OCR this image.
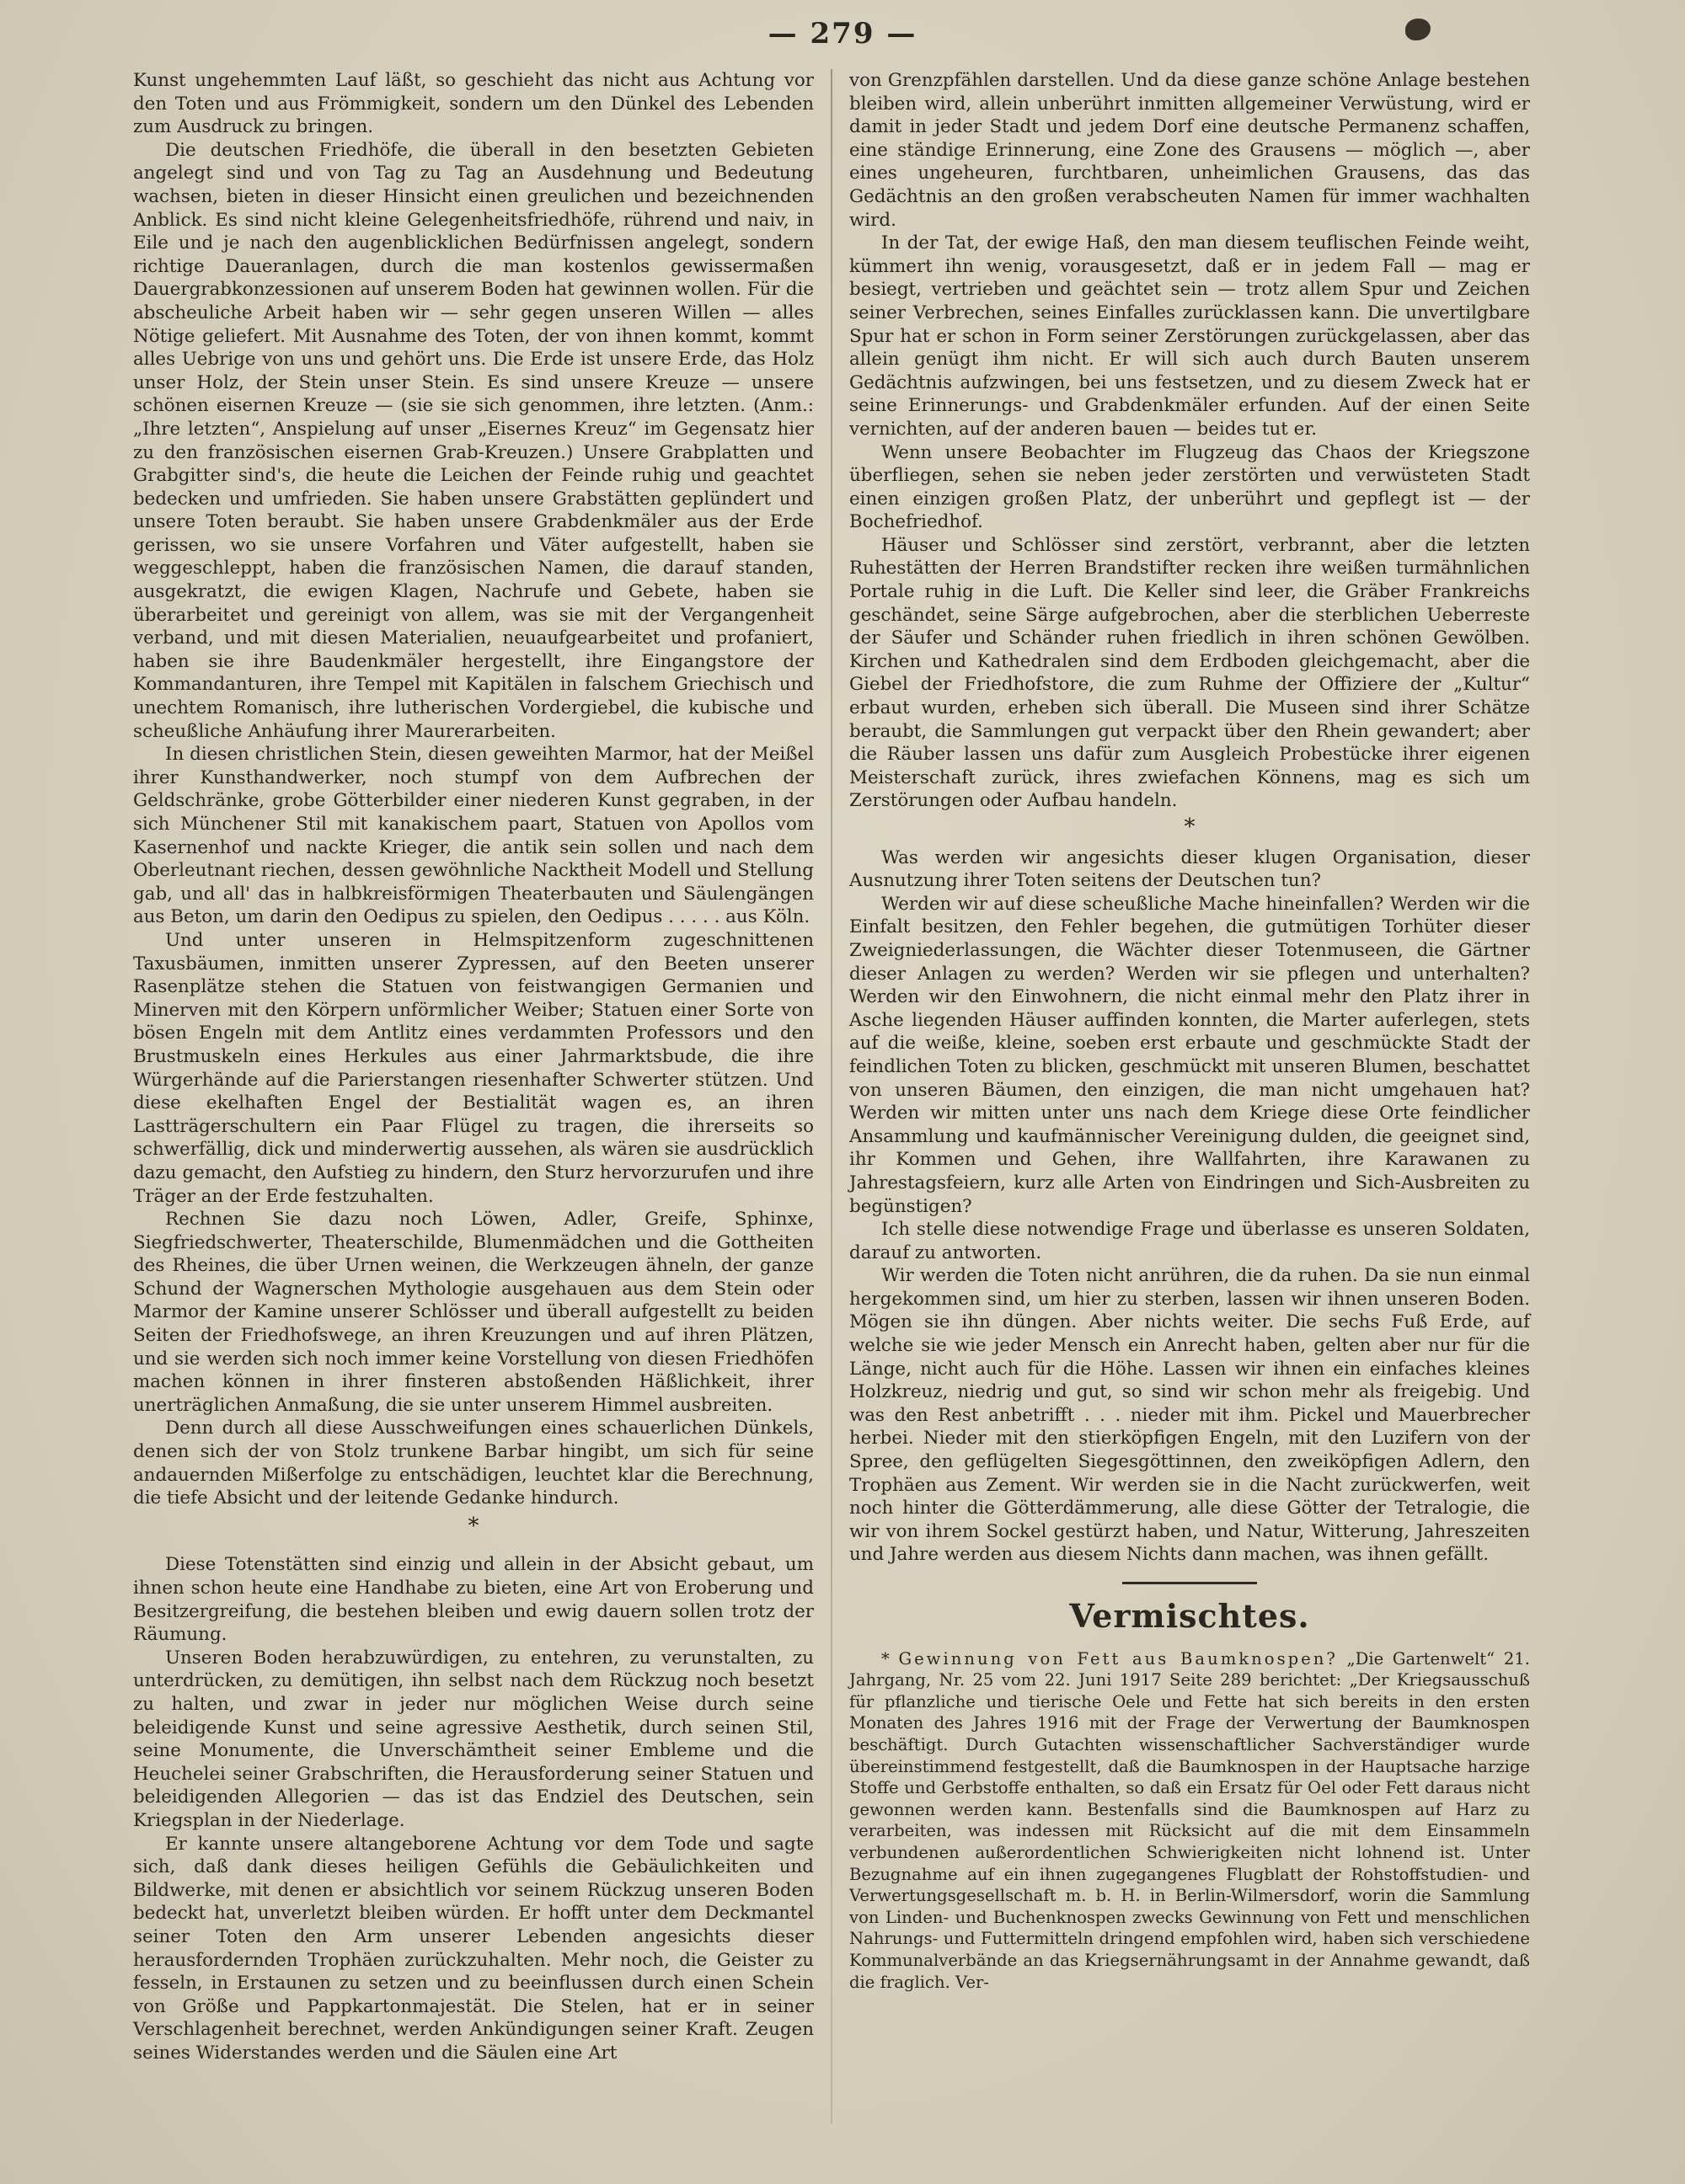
— 279 —

Kunst ungehemmten Lauf läßt, so geschieht das nicht aus Achtung vor den Toten und aus Frömmigkeit, sondern um den Dünkel des Lebenden zum Ausdruck zu bringen.

Die deutschen Friedhöfe, die überall in den besetzten Gebieten angelegt sind und von Tag zu Tag an Ausdehnung und Bedeutung wachsen, bieten in dieser Hinsicht einen greulichen und bezeichnenden Anblick. Es sind nicht kleine Gelegenheitsfriedhöfe, rührend und naiv, in Eile und je nach den augenblicklichen Bedürfnissen angelegt, sondern richtige Daueranlagen, durch die man kostenlos gewissermaßen Dauergrabkonzessionen auf unserem Boden hat gewinnen wollen. Für die abscheuliche Arbeit haben wir — sehr gegen unseren Willen — alles Nötige geliefert. Mit Ausnahme des Toten, der von ihnen kommt, kommt alles Uebrige von uns und gehört uns. Die Erde ist unsere Erde, das Holz unser Holz, der Stein unser Stein. Es sind unsere Kreuze — unsere schönen eisernen Kreuze — (sie sie sich genommen, ihre letzten. (Anm.: „Ihre letzten“, Anspielung auf unser „Eisernes Kreuz“ im Gegensatz hier zu den französischen eisernen Grab-Kreuzen.) Unsere Grabplatten und Grabgitter sind's, die heute die Leichen der Feinde ruhig und geachtet bedecken und umfrieden. Sie haben unsere Grabstätten geplündert und unsere Toten beraubt. Sie haben unsere Grabdenkmäler aus der Erde gerissen, wo sie unsere Vorfahren und Väter aufgestellt, haben sie weggeschleppt, haben die französischen Namen, die darauf standen, ausgekratzt, die ewigen Klagen, Nachrufe und Gebete, haben sie überarbeitet und gereinigt von allem, was sie mit der Vergangenheit verband, und mit diesen Materialien, neuaufgearbeitet und profaniert, haben sie ihre Baudenkmäler hergestellt, ihre Eingangstore der Kommandanturen, ihre Tempel mit Kapitälen in falschem Griechisch und unechtem Romanisch, ihre lutherischen Vordergiebel, die kubische und scheußliche Anhäufung ihrer Maurerarbeiten.

In diesen christlichen Stein, diesen geweihten Marmor, hat der Meißel ihrer Kunsthandwerker, noch stumpf von dem Aufbrechen der Geldschränke, grobe Götterbilder einer niederen Kunst gegraben, in der sich Münchener Stil mit kanakischem paart, Statuen von Apollos vom Kasernenhof und nackte Krieger, die antik sein sollen und nach dem Oberleutnant riechen, dessen gewöhnliche Nacktheit Modell und Stellung gab, und all' das in halbkreisförmigen Theaterbauten und Säulengängen aus Beton, um darin den Oedipus zu spielen, den Oedipus . . . . . aus Köln.

Und unter unseren in Helmspitzenform zugeschnittenen Taxusbäumen, inmitten unserer Zypressen, auf den Beeten unserer Rasenplätze stehen die Statuen von feistwangigen Germanien und Minerven mit den Körpern unförmlicher Weiber; Statuen einer Sorte von bösen Engeln mit dem Antlitz eines verdammten Professors und den Brustmuskeln eines Herkules aus einer Jahrmarktsbude, die ihre Würgerhände auf die Parierstangen riesenhafter Schwerter stützen. Und diese ekelhaften Engel der Bestialität wagen es, an ihren Lastträgerschultern ein Paar Flügel zu tragen, die ihrerseits so schwerfällig, dick und minderwertig aussehen, als wären sie ausdrücklich dazu gemacht, den Aufstieg zu hindern, den Sturz hervorzurufen und ihre Träger an der Erde festzuhalten.

Rechnen Sie dazu noch Löwen, Adler, Greife, Sphinxe, Siegfriedschwerter, Theaterschilde, Blumenmädchen und die Gottheiten des Rheines, die über Urnen weinen, die Werkzeugen ähneln, der ganze Schund der Wagnerschen Mythologie ausgehauen aus dem Stein oder Marmor der Kamine unserer Schlösser und überall aufgestellt zu beiden Seiten der Friedhofswege, an ihren Kreuzungen und auf ihren Plätzen, und sie werden sich noch immer keine Vorstellung von diesen Friedhöfen machen können in ihrer finsteren abstoßenden Häßlichkeit, ihrer unerträglichen Anmaßung, die sie unter unserem Himmel ausbreiten.

Denn durch all diese Ausschweifungen eines schauerlichen Dünkels, denen sich der von Stolz trunkene Barbar hingibt, um sich für seine andauernden Mißerfolge zu entschädigen, leuchtet klar die Berechnung, die tiefe Absicht und der leitende Gedanke hindurch.

*

Diese Totenstätten sind einzig und allein in der Absicht gebaut, um ihnen schon heute eine Handhabe zu bieten, eine Art von Eroberung und Besitzergreifung, die bestehen bleiben und ewig dauern sollen trotz der Räumung.

Unseren Boden herabzuwürdigen, zu entehren, zu verunstalten, zu unterdrücken, zu demütigen, ihn selbst nach dem Rückzug noch besetzt zu halten, und zwar in jeder nur möglichen Weise durch seine beleidigende Kunst und seine agressive Aesthetik, durch seinen Stil, seine Monumente, die Unverschämtheit seiner Embleme und die Heuchelei seiner Grabschriften, die Herausforderung seiner Statuen und beleidigenden Allegorien — das ist das Endziel des Deutschen, sein Kriegsplan in der Niederlage.

Er kannte unsere altangeborene Achtung vor dem Tode und sagte sich, daß dank dieses heiligen Gefühls die Gebäulichkeiten und Bildwerke, mit denen er absichtlich vor seinem Rückzug unseren Boden bedeckt hat, unverletzt bleiben würden. Er hofft unter dem Deckmantel seiner Toten den Arm unserer Lebenden angesichts dieser herausfordernden Trophäen zurückzuhalten. Mehr noch, die Geister zu fesseln, in Erstaunen zu setzen und zu beeinflussen durch einen Schein von Größe und Pappkartonmajestät. Die Stelen, hat er in seiner Verschlagenheit berechnet, werden Ankündigungen seiner Kraft. Zeugen seines Widerstandes werden und die Säulen eine Art

von Grenzpfählen darstellen. Und da diese ganze schöne Anlage bestehen bleiben wird, allein unberührt inmitten allgemeiner Verwüstung, wird er damit in jeder Stadt und jedem Dorf eine deutsche Permanenz schaffen, eine ständige Erinnerung, eine Zone des Grausens — möglich —, aber eines ungeheuren, furchtbaren, unheimlichen Grausens, das das Gedächtnis an den großen verabscheuten Namen für immer wachhalten wird.

In der Tat, der ewige Haß, den man diesem teuflischen Feinde weiht, kümmert ihn wenig, vorausgesetzt, daß er in jedem Fall — mag er besiegt, vertrieben und geächtet sein — trotz allem Spur und Zeichen seiner Verbrechen, seines Einfalles zurücklassen kann. Die unvertilgbare Spur hat er schon in Form seiner Zerstörungen zurückgelassen, aber das allein genügt ihm nicht. Er will sich auch durch Bauten unserem Gedächtnis aufzwingen, bei uns festsetzen, und zu diesem Zweck hat er seine Erinnerungs- und Grabdenkmäler erfunden. Auf der einen Seite vernichten, auf der anderen bauen — beides tut er.

Wenn unsere Beobachter im Flugzeug das Chaos der Kriegszone überfliegen, sehen sie neben jeder zerstörten und verwüsteten Stadt einen einzigen großen Platz, der unberührt und gepflegt ist — der Bochefriedhof.

Häuser und Schlösser sind zerstört, verbrannt, aber die letzten Ruhestätten der Herren Brandstifter recken ihre weißen turmähnlichen Portale ruhig in die Luft. Die Keller sind leer, die Gräber Frankreichs geschändet, seine Särge aufgebrochen, aber die sterblichen Ueberreste der Säufer und Schänder ruhen friedlich in ihren schönen Gewölben. Kirchen und Kathedralen sind dem Erdboden gleichgemacht, aber die Giebel der Friedhofstore, die zum Ruhme der Offiziere der „Kultur“ erbaut wurden, erheben sich überall. Die Museen sind ihrer Schätze beraubt, die Sammlungen gut verpackt über den Rhein gewandert; aber die Räuber lassen uns dafür zum Ausgleich Probestücke ihrer eigenen Meisterschaft zurück, ihres zwiefachen Könnens, mag es sich um Zerstörungen oder Aufbau handeln.

*

Was werden wir angesichts dieser klugen Organisation, dieser Ausnutzung ihrer Toten seitens der Deutschen tun?

Werden wir auf diese scheußliche Mache hineinfallen? Werden wir die Einfalt besitzen, den Fehler begehen, die gutmütigen Torhüter dieser Zweigniederlassungen, die Wächter dieser Totenmuseen, die Gärtner dieser Anlagen zu werden? Werden wir sie pflegen und unterhalten? Werden wir den Einwohnern, die nicht einmal mehr den Platz ihrer in Asche liegenden Häuser auffinden konnten, die Marter auferlegen, stets auf die weiße, kleine, soeben erst erbaute und geschmückte Stadt der feindlichen Toten zu blicken, geschmückt mit unseren Blumen, beschattet von unseren Bäumen, den einzigen, die man nicht umgehauen hat? Werden wir mitten unter uns nach dem Kriege diese Orte feindlicher Ansammlung und kaufmännischer Vereinigung dulden, die geeignet sind, ihr Kommen und Gehen, ihre Wallfahrten, ihre Karawanen zu Jahrestagsfeiern, kurz alle Arten von Eindringen und Sich-Ausbreiten zu begünstigen?

Ich stelle diese notwendige Frage und überlasse es unseren Soldaten, darauf zu antworten.

Wir werden die Toten nicht anrühren, die da ruhen. Da sie nun einmal hergekommen sind, um hier zu sterben, lassen wir ihnen unseren Boden. Mögen sie ihn düngen. Aber nichts weiter. Die sechs Fuß Erde, auf welche sie wie jeder Mensch ein Anrecht haben, gelten aber nur für die Länge, nicht auch für die Höhe. Lassen wir ihnen ein einfaches kleines Holzkreuz, niedrig und gut, so sind wir schon mehr als freigebig. Und was den Rest anbetrifft . . . nieder mit ihm. Pickel und Mauerbrecher herbei. Nieder mit den stierköpfigen Engeln, mit den Luzifern von der Spree, den geflügelten Siegesgöttinnen, den zweiköpfigen Adlern, den Trophäen aus Zement. Wir werden sie in die Nacht zurückwerfen, weit noch hinter die Götterdämmerung, alle diese Götter der Tetralogie, die wir von ihrem Sockel gestürzt haben, und Natur, Witterung, Jahreszeiten und Jahre werden aus diesem Nichts dann machen, was ihnen gefällt.

Vermischtes.

* Gewinnung von Fett aus Baumknospen? „Die Gartenwelt“ 21. Jahrgang, Nr. 25 vom 22. Juni 1917 Seite 289 berichtet: „Der Kriegsausschuß für pflanzliche und tierische Oele und Fette hat sich bereits in den ersten Monaten des Jahres 1916 mit der Frage der Verwertung der Baumknospen beschäftigt. Durch Gutachten wissenschaftlicher Sachverständiger wurde übereinstimmend festgestellt, daß die Baumknospen in der Hauptsache harzige Stoffe und Gerbstoffe enthalten, so daß ein Ersatz für Oel oder Fett daraus nicht gewonnen werden kann. Bestenfalls sind die Baumknospen auf Harz zu verarbeiten, was indessen mit Rücksicht auf die mit dem Einsammeln verbundenen außerordentlichen Schwierigkeiten nicht lohnend ist. Unter Bezugnahme auf ein ihnen zugegangenes Flugblatt der Rohstoffstudien- und Verwertungsgesellschaft m. b. H. in Berlin-Wilmersdorf, worin die Sammlung von Linden- und Buchenknospen zwecks Gewinnung von Fett und menschlichen Nahrungs- und Futtermitteln dringend empfohlen wird, haben sich verschiedene Kommunalverbände an das Kriegsernährungsamt in der Annahme gewandt, daß die fraglich. Ver-
